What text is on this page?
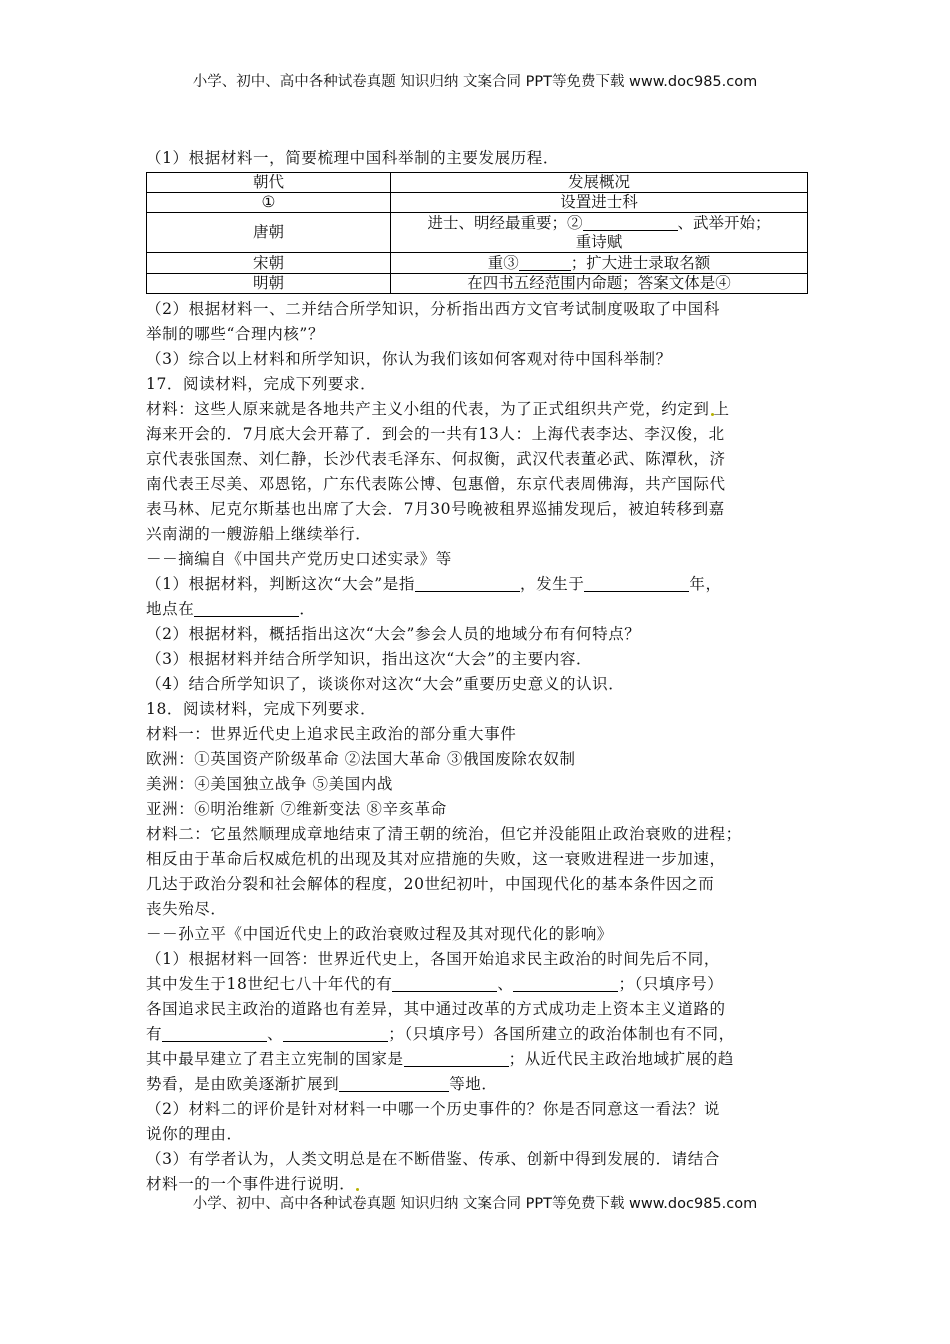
小学、初中、高中各种试卷真题 知识归纳 文案合同 PPT等免费下载 www.doc985.com

（1）根据材料一，简要梳理中国科举制的主要发展历程．

朝代	发展概况
①	设置进士科
唐朝	进士、明经最重要；② 、武举开始；
重诗赋
宋朝	重③ ；扩大进士录取名额
明朝	在四书五经范围内命题；答案文体是④

（2）根据材料一、二并结合所学知识，分析指出西方文官考试制度吸取了中国科

举制的哪些“合理内核”？

（3）综合以上材料和所学知识，你认为我们该如何客观对待中国科举制？

17．阅读材料，完成下列要求．

材料：这些人原来就是各地共产主义小组的代表，为了正式组织共产党，约定到 上

海来开会的．7月底大会开幕了．到会的一共有13人：上海代表李达、李汉俊，北

京代表张国焘、刘仁静，长沙代表毛泽东、何叔衡，武汉代表董必武、陈潭秋，济

南代表王尽美、邓恩铭，广东代表陈公博、包惠僧，东京代表周佛海，共产国际代

表马林、尼克尔斯基也出席了大会．7月30号晚被租界巡捕发现后，被迫转移到嘉

兴南湖的一艘游船上继续举行．

－－摘编自《中国共产党历史口述实录》等

（1）根据材料，判断这次“大会”是指	，发生于	年，

地点在	．

（2）根据材料，概括指出这次“大会”参会人员的地域分布有何特点？

（3）根据材料并结合所学知识，指出这次“大会”的主要内容．

（4）结合所学知识了，谈谈你对这次“大会”重要历史意义的认识．

18．阅读材料，完成下列要求．

材料一：世界近代史上追求民主政治的部分重大事件

欧洲：①英国资产阶级革命 ②法国大革命 ③俄国废除农奴制

美洲：④美国独立战争 ⑤美国内战

亚洲：⑥明治维新 ⑦维新变法 ⑧辛亥革命

材料二：它虽然顺理成章地结束了清王朝的统治，但它并没能阻止政治衰败的进程；

相反由于革命后权威危机的出现及其对应措施的失败，这一衰败进程进一步加速，

几达于政治分裂和社会解体的程度，20世纪初叶，中国现代化的基本条件因之而

丧失殆尽．

－－孙立平《中国近代史上的政治衰败过程及其对现代化的影响》

（1）根据材料一回答：世界近代史上，各国开始追求民主政治的时间先后不同，

其中发生于18世纪七八十年代的有	、	；（只填序号）

各国追求民主政治的道路也有差异，其中通过改革的方式成功走上资本主义道路的

有	、	；（只填序号）各国所建立的政治体制也有不同，

其中最早建立了君主立宪制的国家是	；从近代民主政治地域扩展的趋

势看，是由欧美逐渐扩展到	等地．

（2）材料二的评价是针对材料一中哪一个历史事件的？你是否同意这一看法？说

说你的理由．

（3）有学者认为，人类文明总是在不断借鉴、传承、创新中得到发展的．请结合

材料一的一个事件进行说明．

小学、初中、高中各种试卷真题 知识归纳 文案合同 PPT等免费下载 www.doc985.com
